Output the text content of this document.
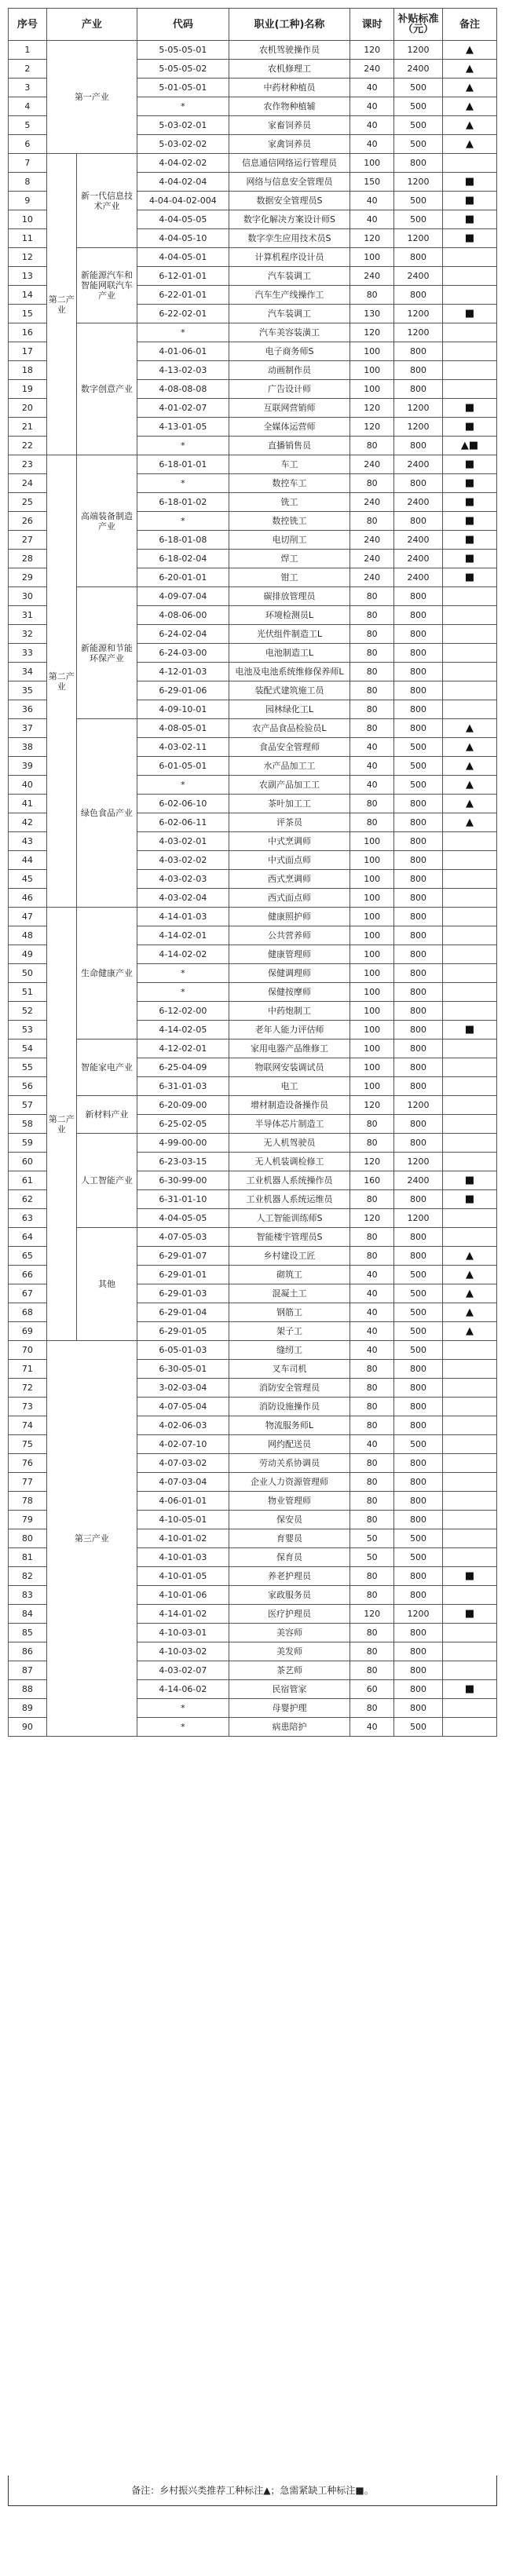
序号	产业		代码	职业(工种)名称	课时	补贴标准（元）	备注
1	第一产业		5-05-05-01	农机驾驶操作员	120	1200	▲
2			5-05-05-02	农机修理工	240	2400	▲
3			5-01-05-01	中药材种植员	40	500	▲
4			*	农作物种植辅	40	500	▲
5			5-03-02-01	家畜饲养员	40	500	▲
6			5-03-02-02	家禽饲养员	40	500	▲
7	第二产业	新一代信息技术产业	4-04-02-02	信息通信网络运行管理员	100	800	
8			4-04-02-04	网络与信息安全管理员	150	1200	■
9			4-04-04-02-004	数据安全管理员S	40	500	■
10			4-04-05-05	数字化解决方案设计师S	40	500	■
11			4-04-05-10	数字孪生应用技术员S	120	1200	■
12		新能源汽车和智能网联汽车产业	4-04-05-01	计算机程序设计员	100	800	
13			6-12-01-01	汽车装调工	240	2400	
14			6-22-01-01	汽车生产线操作工	80	800	
15			6-22-02-01	汽车装调工	130	1200	■
16		数字创意产业	*	汽车美容装潢工	120	1200	
17			4-01-06-01	电子商务师S	100	800	
18			4-13-02-03	动画制作员	100	800	
19			4-08-08-08	广告设计师	100	800	
20			4-01-02-07	互联网营销师	120	1200	■
21			4-13-01-05	全媒体运营师	120	1200	■
22			*	直播销售员	80	800	▲■
23	第二产业	高端装备制造产业	6-18-01-01	车工	240	2400	■
24			*	数控车工	80	800	■
25			6-18-01-02	铣工	240	2400	■
26			*	数控铣工	80	800	■
27			6-18-01-08	电切削工	240	2400	■
28			6-18-02-04	焊工	240	2400	■
29			6-20-01-01	钳工	240	2400	■
30		新能源和节能环保产业	4-09-07-04	碳排放管理员	80	800	
31			4-08-06-00	环境检测员L	80	800	
32			6-24-02-04	光伏组件制造工L	80	800	
33			6-24-03-00	电池制造工L	80	800	
34			4-12-01-03	电池及电池系统维修保养师L	80	800	
35			6-29-01-06	装配式建筑施工员	80	800	
36			4-09-10-01	园林绿化工L	80	800	
37		绿色食品产业	4-08-05-01	农产品食品检验员L	80	800	▲
38			4-03-02-11	食品安全管理师	40	500	▲
39			6-01-05-01	水产品加工工	40	500	▲
40			*	农副产品加工工	40	500	▲
41			6-02-06-10	茶叶加工工	80	800	▲
42			6-02-06-11	评茶员	80	800	▲
43			4-03-02-01	中式烹调师	100	800	
44			4-03-02-02	中式面点师	100	800	
45			4-03-02-03	西式烹调师	100	800	
46			4-03-02-04	西式面点师	100	800	
47	第二产业	生命健康产业	4-14-01-03	健康照护师	100	800	
48			4-14-02-01	公共营养师	100	800	
49			4-14-02-02	健康管理师	100	800	
50			*	保健调理师	100	800	
51			*	保健按摩师	100	800	
52			6-12-02-00	中药炮制工	100	800	
53			4-14-02-05	老年人能力评估师	100	800	■
54		智能家电产业	4-12-02-01	家用电器产品维修工	100	800	
55			6-25-04-09	物联网安装调试员	100	800	
56			6-31-01-03	电工	100	800	
57		新材料产业	6-20-09-00	增材制造设备操作员	120	1200	
58			6-25-02-05	半导体芯片制造工	80	800	
59		人工智能产业	4-99-00-00	无人机驾驶员	80	800	
60			6-23-03-15	无人机装调检修工	120	1200	
61			6-30-99-00	工业机器人系统操作员	160	2400	■
62			6-31-01-10	工业机器人系统运维员	80	800	■
63			4-04-05-05	人工智能训练师S	120	1200	
64		其他	4-07-05-03	智能楼宇管理员S	80	800	
65			6-29-01-07	乡村建设工匠	80	800	▲
66			6-29-01-01	砌筑工	40	500	▲
67			6-29-01-03	混凝土工	40	500	▲
68			6-29-01-04	钢筋工	40	500	▲
69			6-29-01-05	架子工	40	500	▲
70	第三产业		6-05-01-03	缝纫工	40	500	
71			6-30-05-01	叉车司机	80	800	
72			3-02-03-04	消防安全管理员	80	800	
73			4-07-05-04	消防设施操作员	80	800	
74			4-02-06-03	物流服务师L	80	800	
75			4-02-07-10	网约配送员	40	500	
76			4-07-03-02	劳动关系协调员	80	800	
77			4-07-03-04	企业人力资源管理师	80	800	
78			4-06-01-01	物业管理师	80	800	
79			4-10-05-01	保安员	80	800	
80			4-10-01-02	育婴员	50	500	
81			4-10-01-03	保育员	50	500	
82			4-10-01-05	养老护理员	80	800	■
83			4-10-01-06	家政服务员	80	800	
84			4-14-01-02	医疗护理员	120	1200	■
85			4-10-03-01	美容师	80	800	
86			4-10-03-02	美发师	80	800	
87			4-03-02-07	茶艺师	80	800	
88			4-14-06-02	民宿管家	60	800	■
89			*	母婴护理	80	800	
90			*	病患陪护	40	500	
备注：乡村振兴类推荐工种标注▲；急需紧缺工种标注■。
